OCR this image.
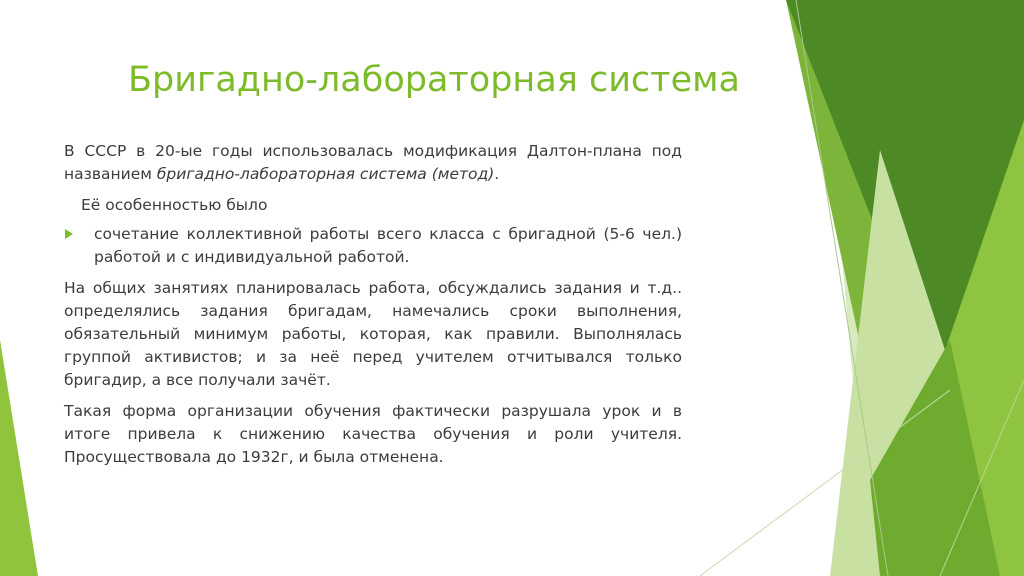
Бригадно-лабораторная система

В СССР в 20-ые годы использовалась модификация Далтон-плана под названием бригадно-лабораторная система (метод).

Её особенностью было

сочетание коллективной работы всего класса с бригадной (5-6 чел.) работой и с индивидуальной работой.

На общих занятиях планировалась работа, обсуждались задания и т.д.. определялись задания бригадам, намечались сроки выполнения, обязательный минимум работы, которая, как правили. Выполнялась группой активистов; и за неё перед учителем отчитывался только бригадир, а все получали зачёт.

Такая форма организации обучения фактически разрушала урок и в итоге привела к снижению качества обучения и роли учителя. Просуществовала до 1932г, и была отменена.
